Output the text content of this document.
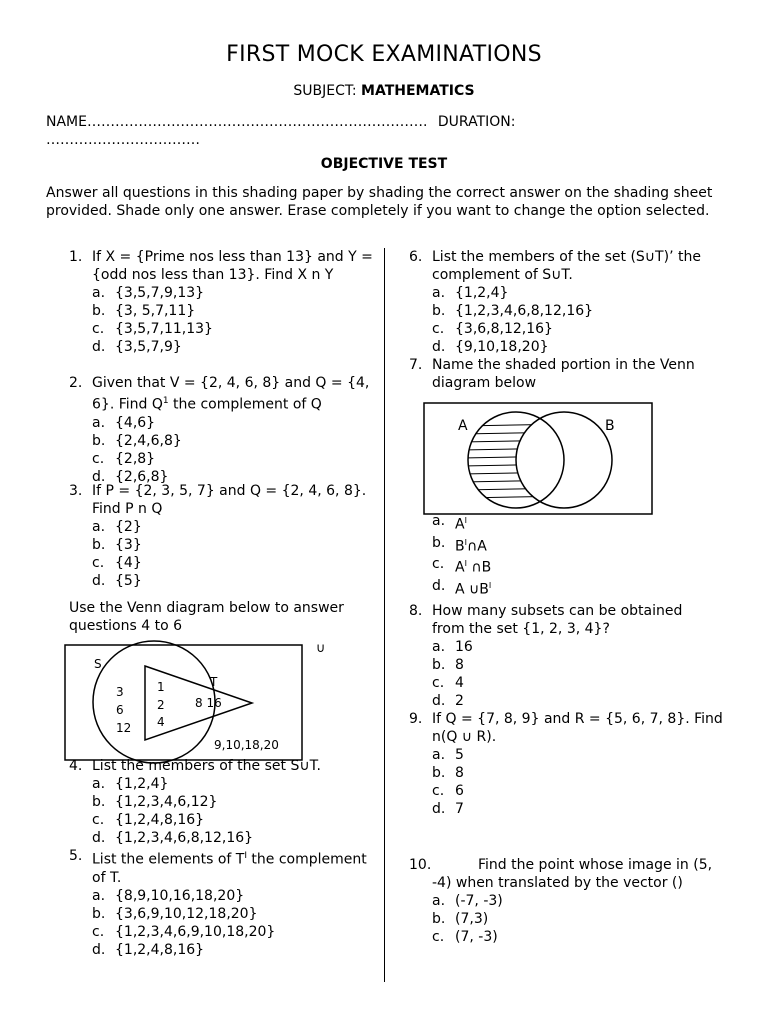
FIRST MOCK EXAMINATIONS
SUBJECT: MATHEMATICS
NAME………………………………………………………………. DURATION:
……………………………
OBJECTIVE TEST
Answer all questions in this shading paper by shading the correct answer on the shading sheet provided. Shade only one answer. Erase completely if you want to change the option selected.
1. If X = {Prime nos less than 13} and Y = {odd nos less than 13}. Find X n Y
a. {3,5,7,9,13}
b. {3, 5,7,11}
c. {3,5,7,11,13}
d. {3,5,7,9}
2. Given that V = {2, 4, 6, 8} and Q = {4, 6}. Find $Q^1$ the complement of Q
a. {4,6}
b. {2,4,6,8}
c. {2,8}
d. {2,6,8}
3. If P = {2, 3, 5, 7} and Q = {2, 4, 6, 8}. Find P n Q
a. {2}
b. {3}
c. {4}
d. {5}
Use the Venn diagram below to answer questions 4 to 6
∪
S
T
3
6
12
1
2
4
8 16
9,10,18,20
4. List the members of the set S∪T.
a. {1,2,4}
b. {1,2,3,4,6,12}
c. {1,2,4,8,16}
d. {1,2,3,4,6,8,12,16}
5. List the elements of $T^I$ the complement of T.
a. {8,9,10,16,18,20}
b. {3,6,9,10,12,18,20}
c. {1,2,3,4,6,9,10,18,20}
d. {1,2,4,8,16}
6. List the members of the set (S∪T)’ the complement of S∪T.
a. {1,2,4}
b. {1,2,3,4,6,8,12,16}
c. {3,6,8,12,16}
d. {9,10,18,20}
7. Name the shaded portion in the Venn diagram below
A	B
a. $A^I$
b. $B^I\cap A$
c. $A^I$ ∩B
d. A $\cup B^I$
8. How many subsets can be obtained from the set {1, 2, 3, 4}?
a. 16
b. 8
c. 4
d. 2
9. If Q = {7, 8, 9} and R = {5, 6, 7, 8}. Find n(Q ∪ R).
a. 5
b. 8
c. 6
d. 7
10.	Find the point whose image in (5, -4) when translated by the vector ()
a. (-7, -3)
b. (7,3)
c. (7, -3)
